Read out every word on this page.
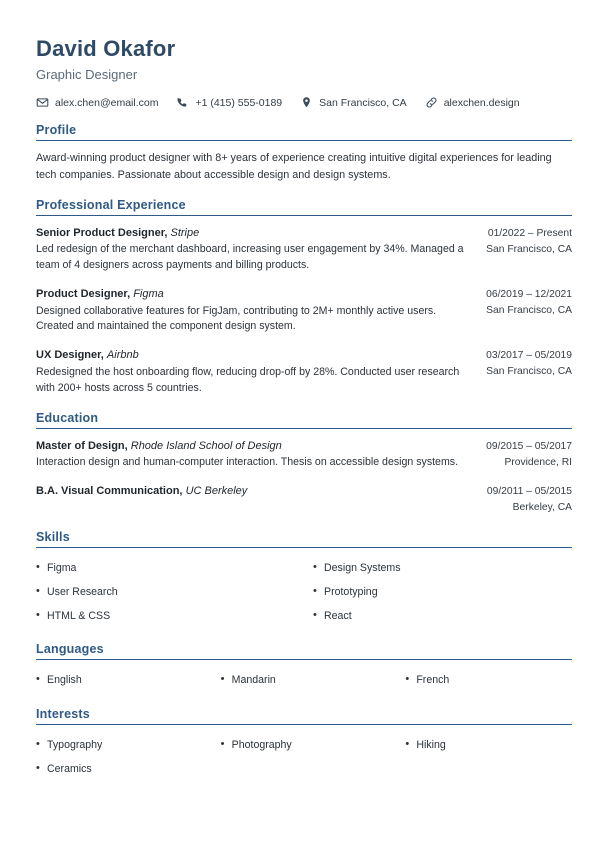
David Okafor
Graphic Designer
alex.chen@email.com	+1 (415) 555-0189	San Francisco, CA	alexchen.design
Profile

Award-winning product designer with 8+ years of experience creating intuitive digital experiences for leading tech companies. Passionate about accessible design and design systems.

Professional Experience
Senior Product Designer, Stripe
Led redesign of the merchant dashboard, increasing user engagement by 34%. Managed a team of 4 designers across payments and billing products.
01/2022 – Present
San Francisco, CA
Product Designer, Figma
Designed collaborative features for FigJam, contributing to 2M+ monthly active users. Created and maintained the component design system.
06/2019 – 12/2021
San Francisco, CA
UX Designer, Airbnb
Redesigned the host onboarding flow, reducing drop-off by 28%. Conducted user research with 200+ hosts across 5 countries.
03/2017 – 05/2019
San Francisco, CA
Education
Master of Design, Rhode Island School of Design
Interaction design and human-computer interaction. Thesis on accessible design systems.
09/2015 – 05/2017
Providence, RI
B.A. Visual Communication, UC Berkeley	09/2011 – 05/2015
Berkeley, CA
Skills
• Figma	• Design Systems
• User Research	• Prototyping
• HTML & CSS	• React
Languages
• English	• Mandarin	• French
Interests
• Typography	• Photography	• Hiking
• Ceramics
